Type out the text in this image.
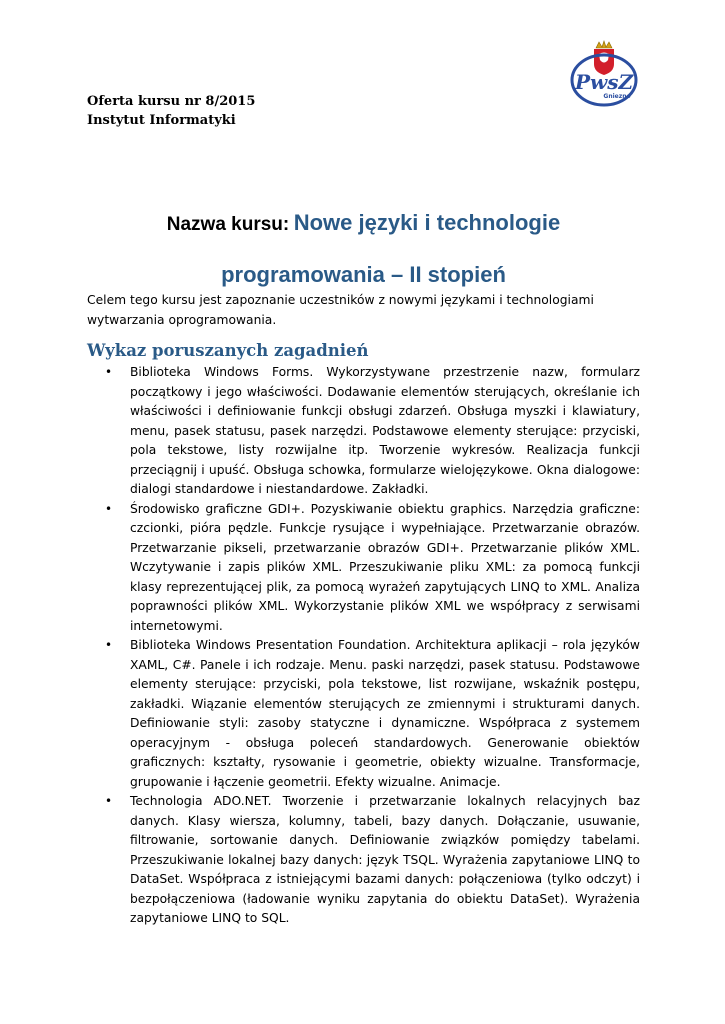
Oferta kursu nr 8/2015
Instytut Informatyki
PwsZ
Gniezno
Nazwa kursu: Nowe języki i technologie
programowania – II stopień

Celem tego kursu jest zapoznanie uczestników z nowymi językami i technologiami wytwarzania oprogramowania.

Wykaz poruszanych zagadnień
• Biblioteka Windows Forms. Wykorzystywane przestrzenie nazw, formularz początkowy i jego właściwości. Dodawanie elementów sterujących, określanie ich właściwości i definiowanie funkcji obsługi zdarzeń. Obsługa myszki i klawiatury, menu, pasek statusu, pasek narzędzi. Podstawowe elementy sterujące: przyciski, pola tekstowe, listy rozwijalne itp. Tworzenie wykresów. Realizacja funkcji przeciągnij i upuść. Obsługa schowka, formularze wielojęzykowe. Okna dialogowe: dialogi standardowe i niestandardowe. Zakładki.
• Środowisko graficzne GDI+. Pozyskiwanie obiektu graphics. Narzędzia graficzne: czcionki, pióra pędzle. Funkcje rysujące i wypełniające. Przetwarzanie obrazów. Przetwarzanie pikseli, przetwarzanie obrazów GDI+. Przetwarzanie plików XML. Wczytywanie i zapis plików XML. Przeszukiwanie pliku XML: za pomocą funkcji klasy reprezentującej plik, za pomocą wyrażeń zapytujących LINQ to XML. Analiza poprawności plików XML. Wykorzystanie plików XML we współpracy z serwisami internetowymi.
• Biblioteka Windows Presentation Foundation. Architektura aplikacji – rola języków XAML, C#. Panele i ich rodzaje. Menu. paski narzędzi, pasek statusu. Podstawowe elementy sterujące: przyciski, pola tekstowe, list rozwijane, wskaźnik postępu, zakładki. Wiązanie elementów sterujących ze zmiennymi i strukturami danych. Definiowanie styli: zasoby statyczne i dynamiczne. Współpraca z systemem operacyjnym - obsługa poleceń standardowych. Generowanie obiektów graficznych: kształty, rysowanie i geometrie, obiekty wizualne. Transformacje, grupowanie i łączenie geometrii. Efekty wizualne. Animacje.
• Technologia ADO.NET. Tworzenie i przetwarzanie lokalnych relacyjnych baz danych. Klasy wiersza, kolumny, tabeli, bazy danych. Dołączanie, usuwanie, filtrowanie, sortowanie danych. Definiowanie związków pomiędzy tabelami. Przeszukiwanie lokalnej bazy danych: język TSQL. Wyrażenia zapytaniowe LINQ to DataSet. Współpraca z istniejącymi bazami danych: połączeniowa (tylko odczyt) i bezpołączeniowa (ładowanie wyniku zapytania do obiektu DataSet). Wyrażenia zapytaniowe LINQ to SQL.
